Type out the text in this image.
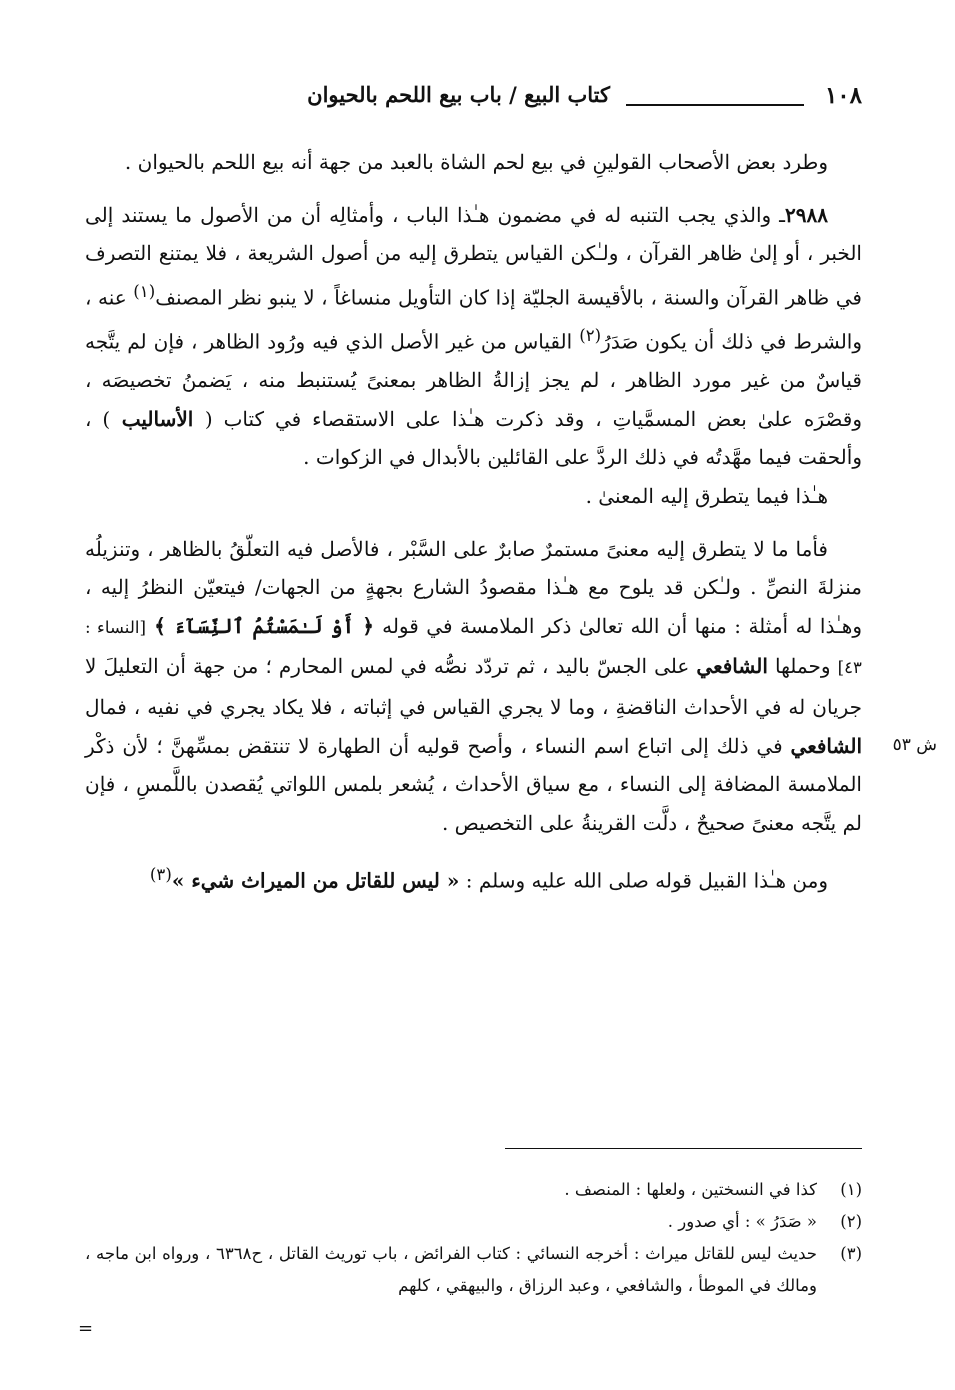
١٠٨
كتاب البيع / باب بيع اللحم بالحيوان
ش ٥٣

وطرد بعض الأصحاب القولينِ في بيع لحم الشاة بالعبد من جهة أنه بيع اللحم بالحيوان .

٢٩٨٨ـ والذي يجب التنبه له في مضمون هـٰذا الباب ، وأمثالِه أن من الأصول ما يستند إلى الخبر ، أو إلىٰ ظاهر القرآن ، ولـٰكن القياس يتطرق إليه من أصول الشريعة ، فلا يمتنع التصرف في ظاهر القرآن والسنة ، بالأقيسة الجليّة إذا كان التأويل منساغاً ، لا ينبو نظر المصنف$^{(١)}$ عنه ، والشرط في ذلك أن يكون صَدَرُ$^{(٢)}$ القياس من غير الأصل الذي فيه ورُود الظاهر ، فإن لم يتَّجه قياسٌ من غير مورد الظاهر ، لم يجز إزالةُ الظاهر بمعنىً يُستنبط منه ، يَضمنُ تخصيصَه ، وقصْرَه علىٰ بعض المسمَّياتِ ، وقد ذكرت هـٰذا على الاستقصاء في كتاب ( الأساليب ) ، وألحقت فيما مهَّدتُه في ذلك الردَّ على القائلين بالأبدال في الزكوات .

هـٰذا فيما يتطرق إليه المعنىٰ .

فأما ما لا يتطرق إليه معنىً مستمرٌ صابرٌ على السَّبْر ، فالأصل فيه التعلّقُ بالظاهر ، وتنزيلُه منزلةَ النصِّ . ولـٰكن قد يلوح مع هـٰذا مقصودُ الشارع بجهةٍ من الجهات/ فيتعيّن النظرُ إليه ، وهـٰذا له أمثلة : منها أن الله تعالىٰ ذكر الملامسة في قوله ﴿ أَوْ لَـٰمَسْتُمُ ٱلنِّسَآءَ ﴾ [النساء : ٤٣] وحملها الشافعي على الجسّ باليد ، ثم تردّد نصُّه في لمس المحارم ؛ من جهة أن التعليلَ لا جريان له في الأحداث الناقضةِ ، وما لا يجري القياس في إثباته ، فلا يكاد يجري في نفيه ، فمال الشافعي في ذلك إلى اتباع اسم النساء ، وأصح قوليه أن الطهارة لا تنتقض بمسِّهنَّ ؛ لأن ذكْر الملامسة المضافة إلى النساء ، مع سياق الأحداث ، يُشعر بلمس اللواتي يُقصدن باللَّمسِ ، فإن لم يتَّجه معنىً صحيحٌ ، دلَّت القرينةُ على التخصيص .

ومن هـٰذا القبيل قوله صلى الله عليه وسلم : « ليس للقاتل من الميراث شيء »$^{(٣)}$

(١)
كذا في النسختين ، ولعلها : المنصف .
(٢)
« صَدَرُ » : أي صدور .
(٣)
حديث ليس للقاتل ميراث : أخرجه النسائي : كتاب الفرائض ، باب توريث القاتل ، ح٦٣٦٨ ، ورواه ابن ماجه ، ومالك في الموطأ ، والشافعي ، وعبد الرزاق ، والبيهقي ، كلهم
=
